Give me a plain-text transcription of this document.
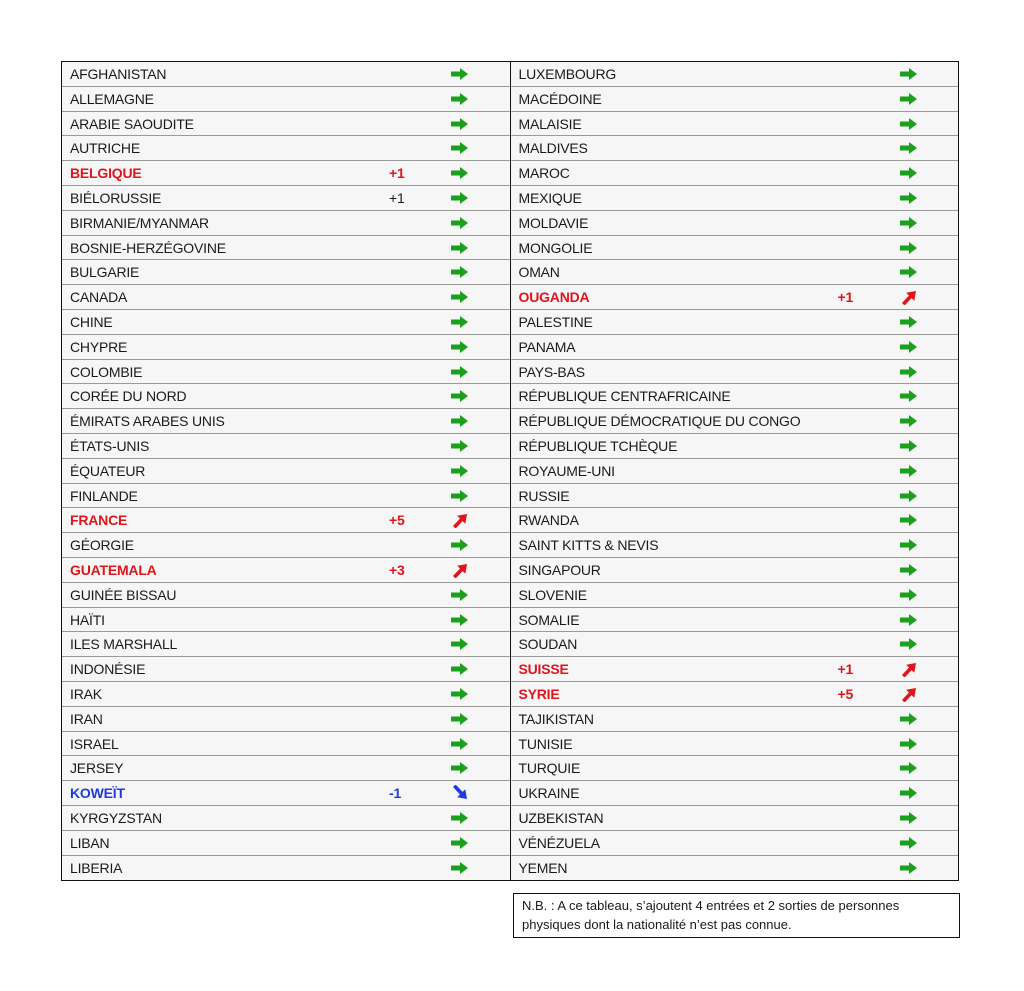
AFGHANISTAN
ALLEMAGNE
ARABIE SAOUDITE
AUTRICHE
BELGIQUE	+1
BIÉLORUSSIE	+1
BIRMANIE/MYANMAR
BOSNIE-HERZÉGOVINE
BULGARIE
CANADA
CHINE
CHYPRE
COLOMBIE
CORÉE DU NORD
ÉMIRATS ARABES UNIS
ÉTATS-UNIS
ÉQUATEUR
FINLANDE
FRANCE	+5
GÉORGIE
GUATEMALA	+3
GUINÉE BISSAU
HAÏTI
ILES MARSHALL
INDONÉSIE
IRAK
IRAN
ISRAEL
JERSEY
KOWEÏT	-1
KYRGYZSTAN
LIBAN
LIBERIA
LUXEMBOURG
MACÉDOINE
MALAISIE
MALDIVES
MAROC
MEXIQUE
MOLDAVIE
MONGOLIE
OMAN
OUGANDA	+1
PALESTINE
PANAMA
PAYS-BAS
RÉPUBLIQUE CENTRAFRICAINE
RÉPUBLIQUE DÉMOCRATIQUE DU CONGO
RÉPUBLIQUE TCHÈQUE
ROYAUME-UNI
RUSSIE
RWANDA
SAINT KITTS & NEVIS
SINGAPOUR
SLOVENIE
SOMALIE
SOUDAN
SUISSE	+1
SYRIE	+5
TAJIKISTAN
TUNISIE
TURQUIE
UKRAINE
UZBEKISTAN
VÉNÉZUELA
YEMEN
N.B. : A ce tableau, s’ajoutent 4 entrées et 2 sorties de personnes
physiques dont la nationalité n’est pas connue.
